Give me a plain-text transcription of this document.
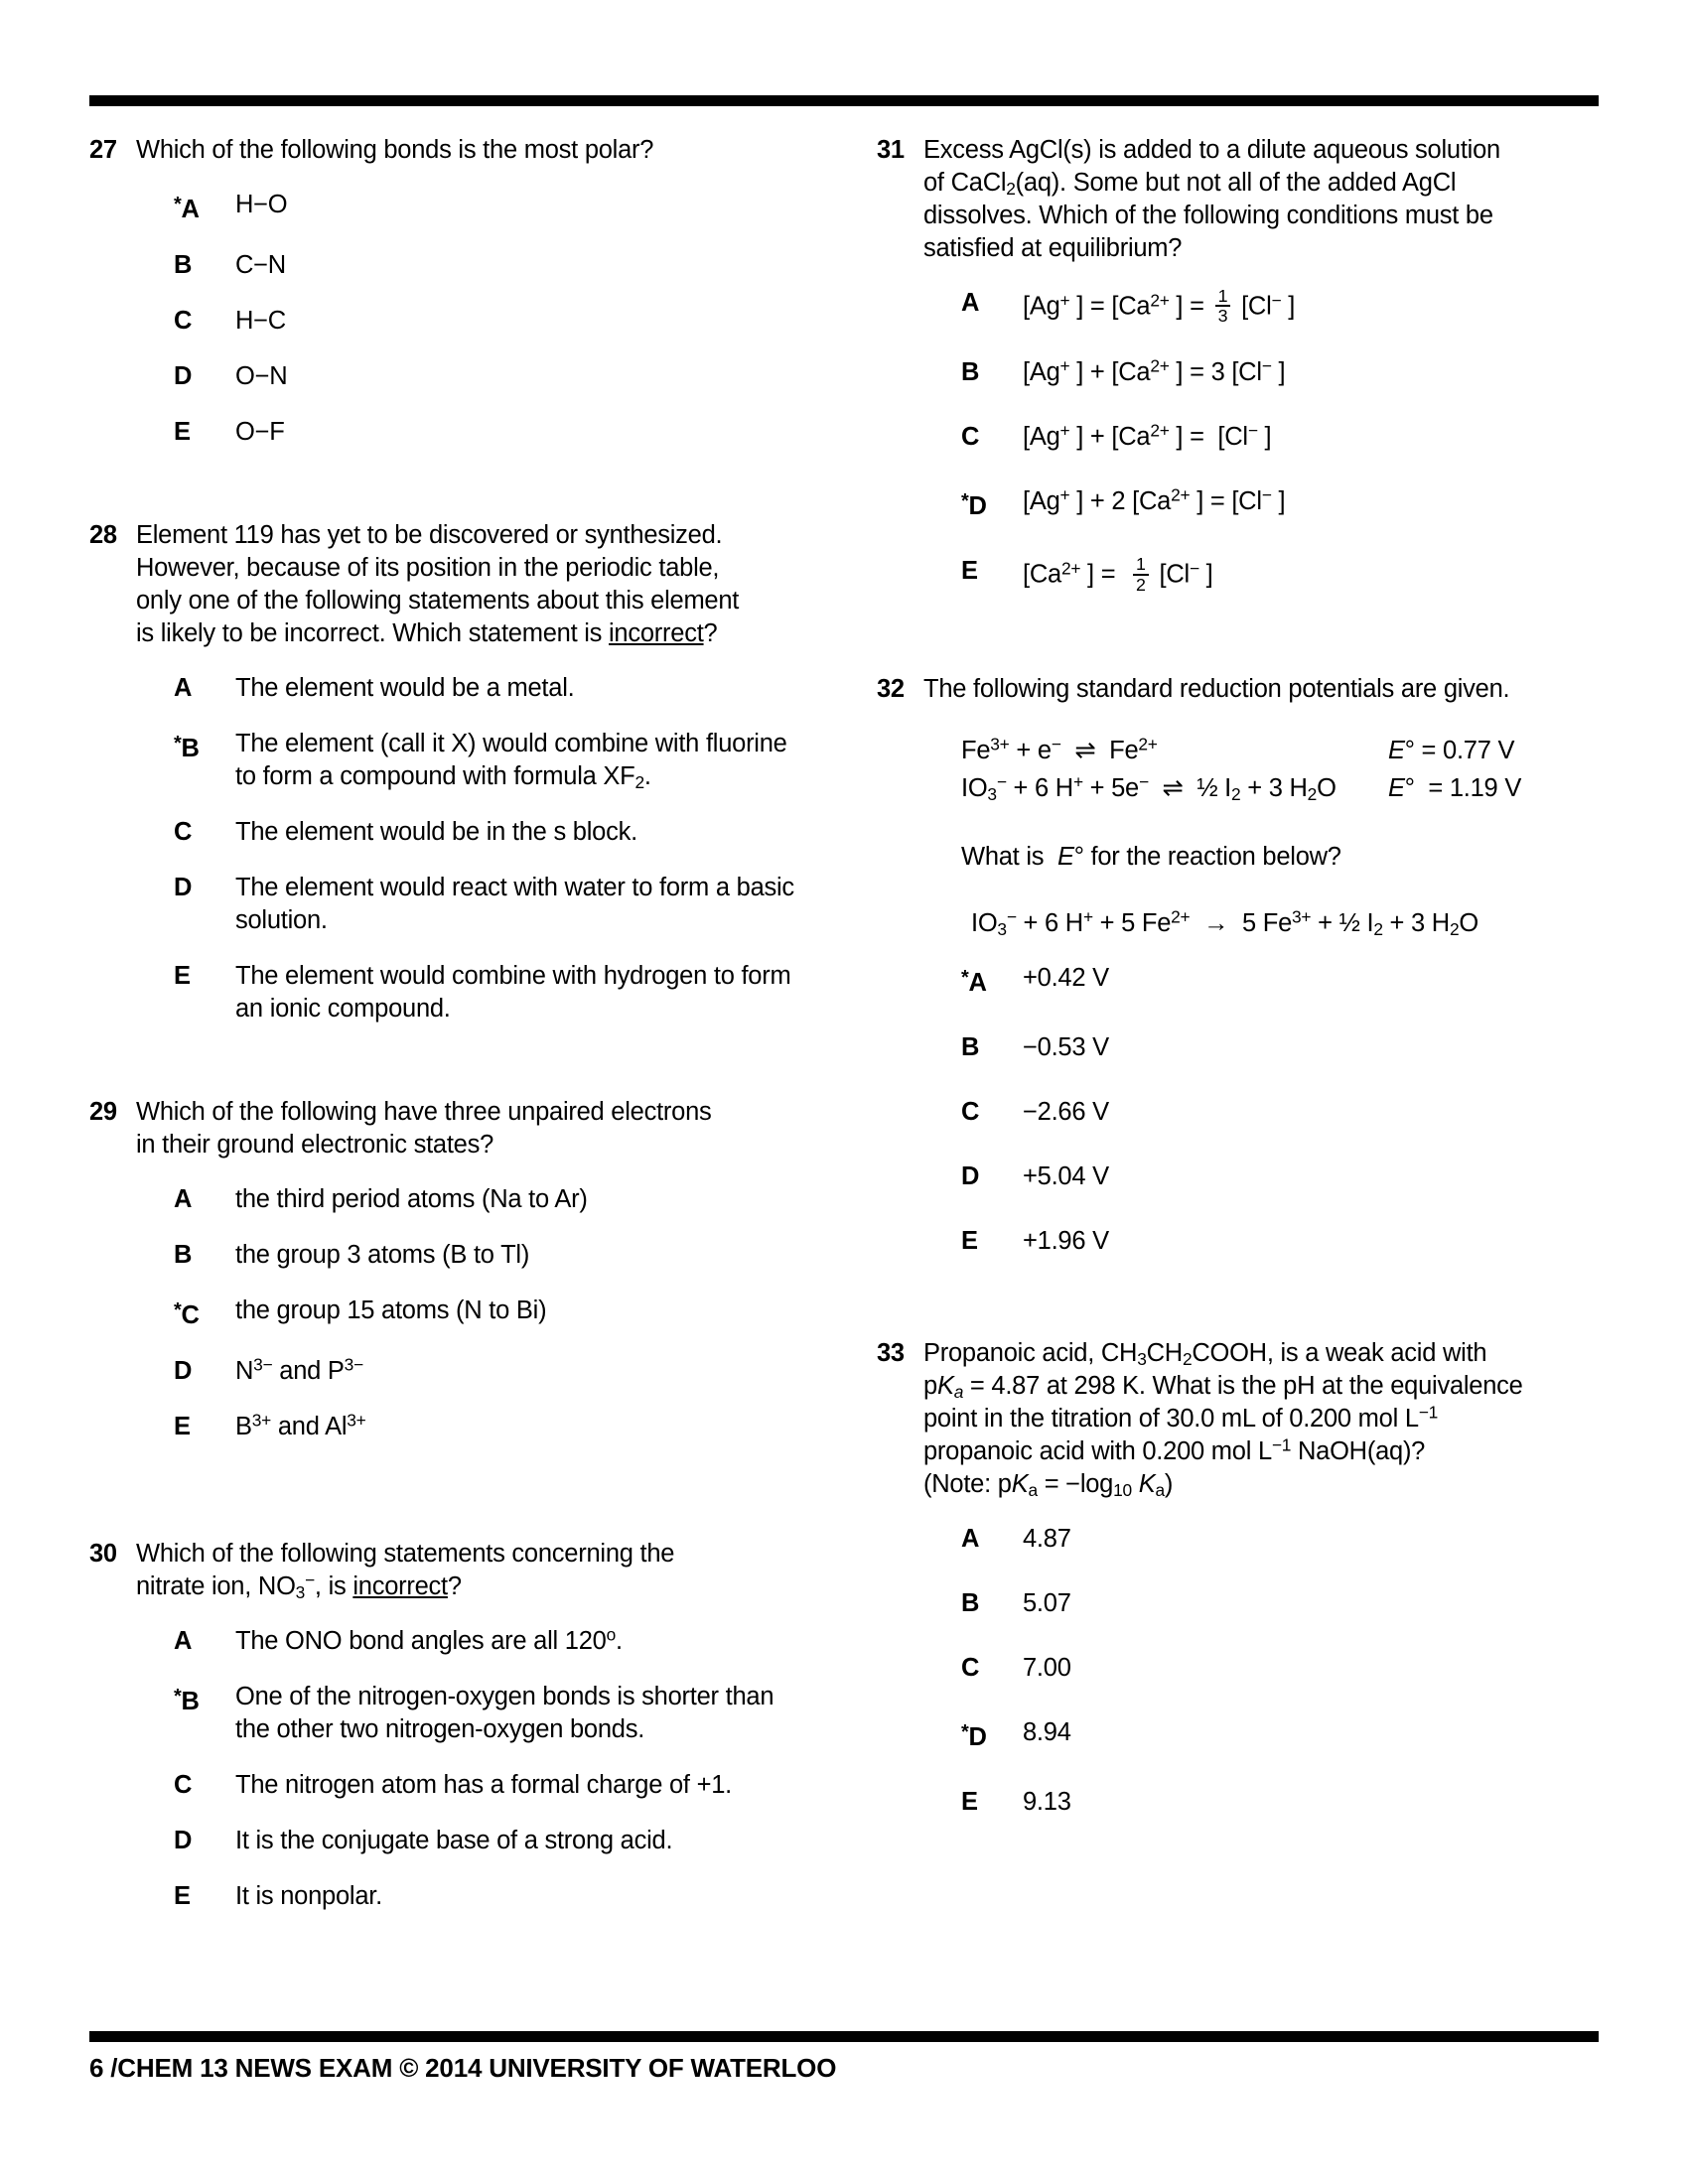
27 Which of the following bonds is the most polar?
*A	H−O
B	C−N
C	H−C
D	O−N
E	O−F
28 Element 119 has yet to be discovered or synthesized.
However, because of its position in the periodic table,
only one of the following statements about this element
is likely to be incorrect. Which statement is incorrect?
A	The element would be a metal.
*B	The element (call it X) would combine with fluorine to form a compound with formula $XF_2$.
C	The element would be in the s block.
D	The element would react with water to form a basic solution.
E	The element would combine with hydrogen to form an ionic compound.
29 Which of the following have three unpaired electrons
in their ground electronic states?
A	the third period atoms (Na to Ar)
B	the group 3 atoms (B to Tl)
*C	the group 15 atoms (N to Bi)
D	$N^{3-}$ and $P^{3-}$
E	$B^{3+}$ and $Al^{3+}$
30 Which of the following statements concerning the
nitrate ion, $NO_3^-$, is incorrect?
A	The ONO bond angles are all 120$^o$.
*B	One of the nitrogen-oxygen bonds is shorter than the other two nitrogen-oxygen bonds.
C	The nitrogen atom has a formal charge of +1.
D	It is the conjugate base of a strong acid.
E	It is nonpolar.
31 Excess AgCl(s) is added to a dilute aqueous solution
of CaCl$_2$(aq). Some but not all of the added AgCl
dissolves. Which of the following conditions must be
satisfied at equilibrium?
A	[Ag+ ] = [$Ca^{2+}$ ] = $\frac{1}{3} [Cl^-$ ]
B	[Ag+ ] + [$Ca^{2+}$ ] = 3 [Cl− ]
C	[Ag+ ] + [$Ca^{2+}$ ] =  [Cl− ]
*D	[Ag+ ] + 2 [$Ca^{2+}$ ] = [Cl− ]
E	[$Ca^{2+}$ ] = $\frac{1}{2} [Cl^-$ ]
32 The following standard reduction potentials are given.
$Fe^{3+} + e^-$  ⇌  $Fe^{2+}$	E° = 0.77 V
$IO_3^- + 6$ H+ + 5e−  ⇌  ½ $I_2 + 3$ $H_2O$	E°  = 1.19 V
What is  E° for the reaction below?
$IO_3^- + 6$ H+ + 5 $Fe^{2+} \to 5$ $Fe^{3+}$ + ½ $I_2 + 3$ $H_2O$
*A	+0.42 V
B	−0.53 V
C	−2.66 V
D	+5.04 V
E	+1.96 V
33 Propanoic acid, $CH_3CH_2COOH$, is a weak acid with
$pK_a = 4.87$ at 298 K. What is the pH at the equivalence
point in the titration of 30.0 mL of 0.200 mol $L^{-1}$
propanoic acid with 0.200 mol $L^{-1}$ NaOH(aq)?
(Note: $pK_a = -\log_{10}$ $K_a$)
A	4.87
B	5.07
C	7.00
*D	8.94
E	9.13
6 /CHEM 13 NEWS EXAM © 2014 UNIVERSITY OF WATERLOO
